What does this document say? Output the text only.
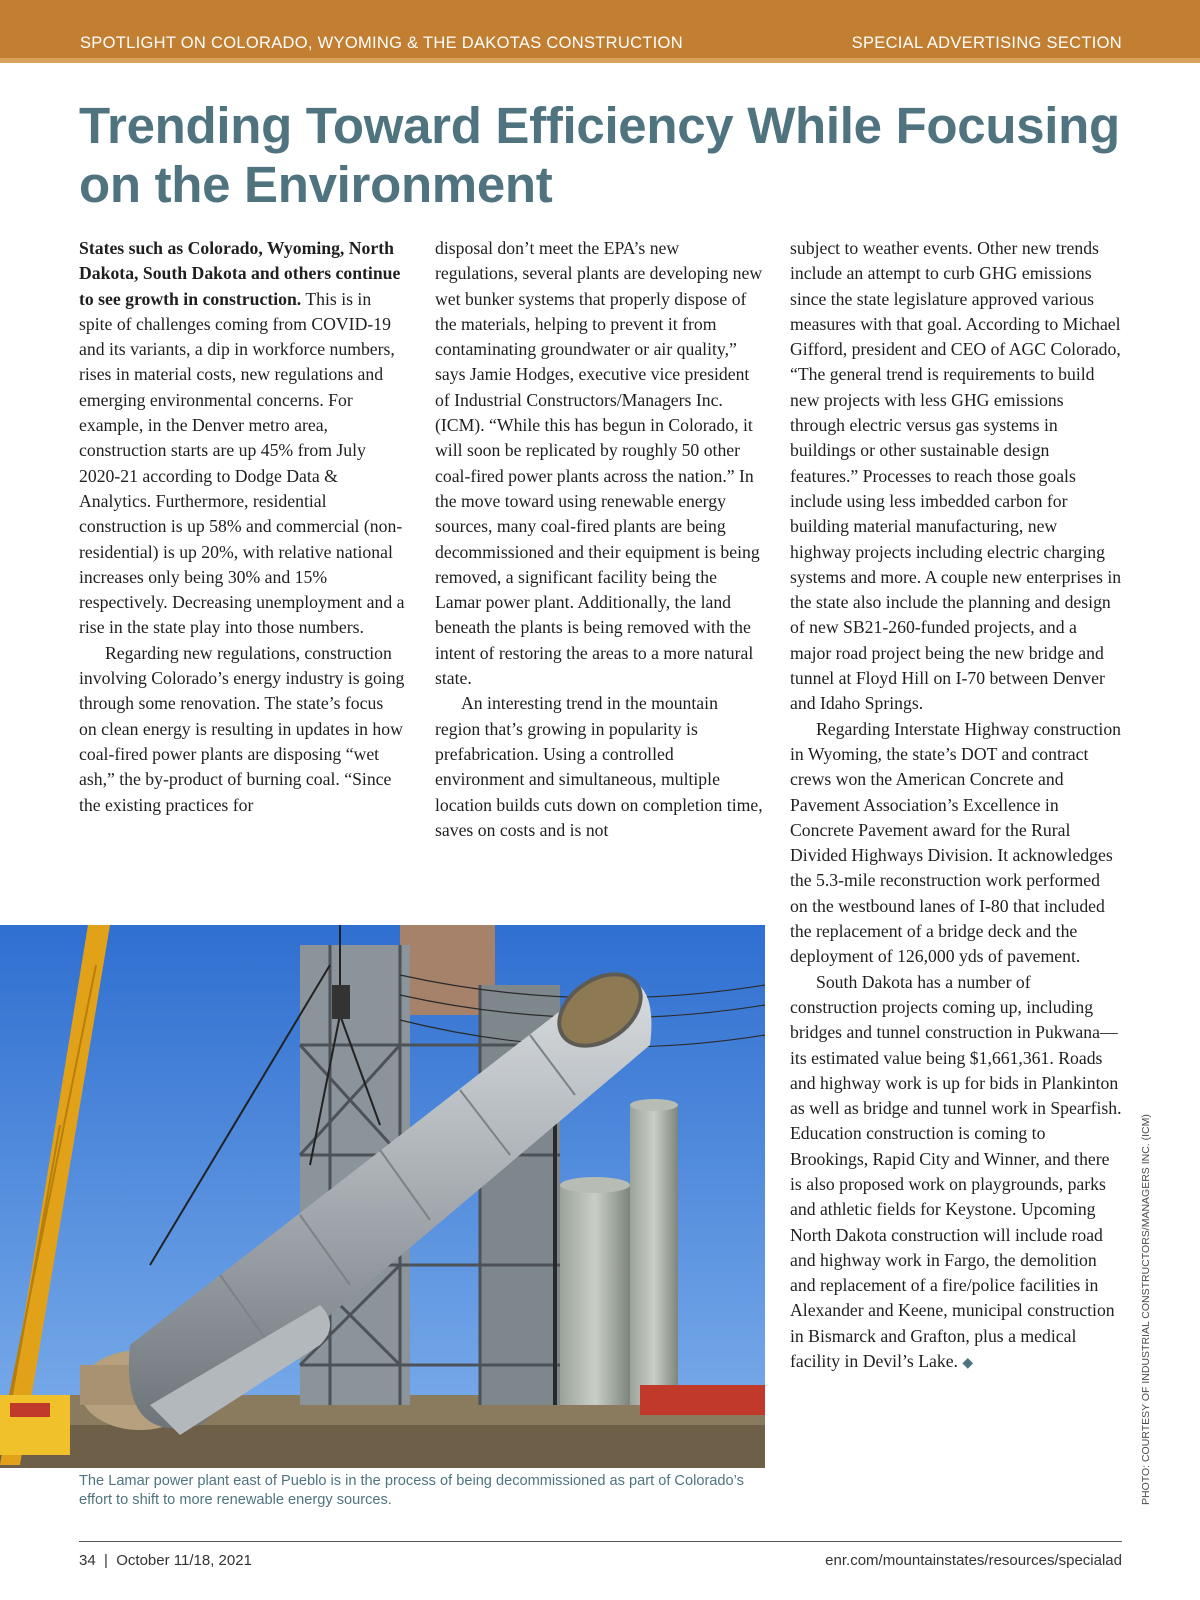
SPOTLIGHT ON COLORADO, WYOMING & THE DAKOTAS CONSTRUCTION	SPECIAL ADVERTISING SECTION
Trending Toward Efficiency While Focusing on the Environment

States such as Colorado, Wyoming, North Dakota, South Dakota and others continue to see growth in construction. This is in spite of challenges coming from COVID-19 and its variants, a dip in workforce numbers, rises in material costs, new regulations and emerging environmental concerns. For example, in the Denver metro area, construction starts are up 45% from July 2020-21 according to Dodge Data & Analytics. Furthermore, residential construction is up 58% and commercial (non-residential) is up 20%, with relative national increases only being 30% and 15% respectively. Decreasing unemployment and a rise in the state play into those numbers.

Regarding new regulations, construction involving Colorado’s energy industry is going through some renovation. The state’s focus on clean energy is resulting in updates in how coal-fired power plants are disposing “wet ash,” the by-product of burning coal. “Since the existing practices for

disposal don’t meet the EPA’s new regulations, several plants are developing new wet bunker systems that properly dispose of the materials, helping to prevent it from contaminating groundwater or air quality,” says Jamie Hodges, executive vice president of Industrial Constructors/Managers Inc. (ICM). “While this has begun in Colorado, it will soon be replicated by roughly 50 other coal-fired power plants across the nation.” In the move toward using renewable energy sources, many coal-fired plants are being decommissioned and their equipment is being removed, a significant facility being the Lamar power plant. Additionally, the land beneath the plants is being removed with the intent of restoring the areas to a more natural state.

An interesting trend in the mountain region that’s growing in popularity is prefabrication. Using a controlled environment and simultaneous, multiple location builds cuts down on completion time, saves on costs and is not

subject to weather events. Other new trends include an attempt to curb GHG emissions since the state legislature approved various measures with that goal. According to Michael Gifford, president and CEO of AGC Colorado, “The general trend is requirements to build new projects with less GHG emissions through electric versus gas systems in buildings or other sustainable design features.” Processes to reach those goals include using less imbedded carbon for building material manufacturing, new highway projects including electric charging systems and more. A couple new enterprises in the state also include the planning and design of new SB21-260-funded projects, and a major road project being the new bridge and tunnel at Floyd Hill on I-70 between Denver and Idaho Springs.

Regarding Interstate Highway construction in Wyoming, the state’s DOT and contract crews won the American Concrete and Pavement Association’s Excellence in Concrete Pavement award for the Rural Divided Highways Division. It acknowledges the 5.3-mile reconstruction work performed on the westbound lanes of I-80 that included the replacement of a bridge deck and the deployment of 126,000 yds of pavement.

South Dakota has a number of construction projects coming up, including bridges and tunnel construction in Pukwana—its estimated value being $1,661,361. Roads and highway work is up for bids in Plankinton as well as bridge and tunnel work in Spearfish. Education construction is coming to Brookings, Rapid City and Winner, and there is also proposed work on playgrounds, parks and athletic fields for Keystone. Upcoming North Dakota construction will include road and highway work in Fargo, the demolition and replacement of a fire/police facilities in Alexander and Keene, municipal construction in Bismarck and Grafton, plus a medical facility in Devil’s Lake. ◆

The Lamar power plant east of Pueblo is in the process of being decommissioned as part of Colorado’s effort to shift to more renewable energy sources.	PHOTO: COURTESY OF INDUSTRIAL CONSTRUCTORS/MANAGERS INC. (ICM)
34  |  October 11/18, 2021	enr.com/mountainstates/resources/specialad
